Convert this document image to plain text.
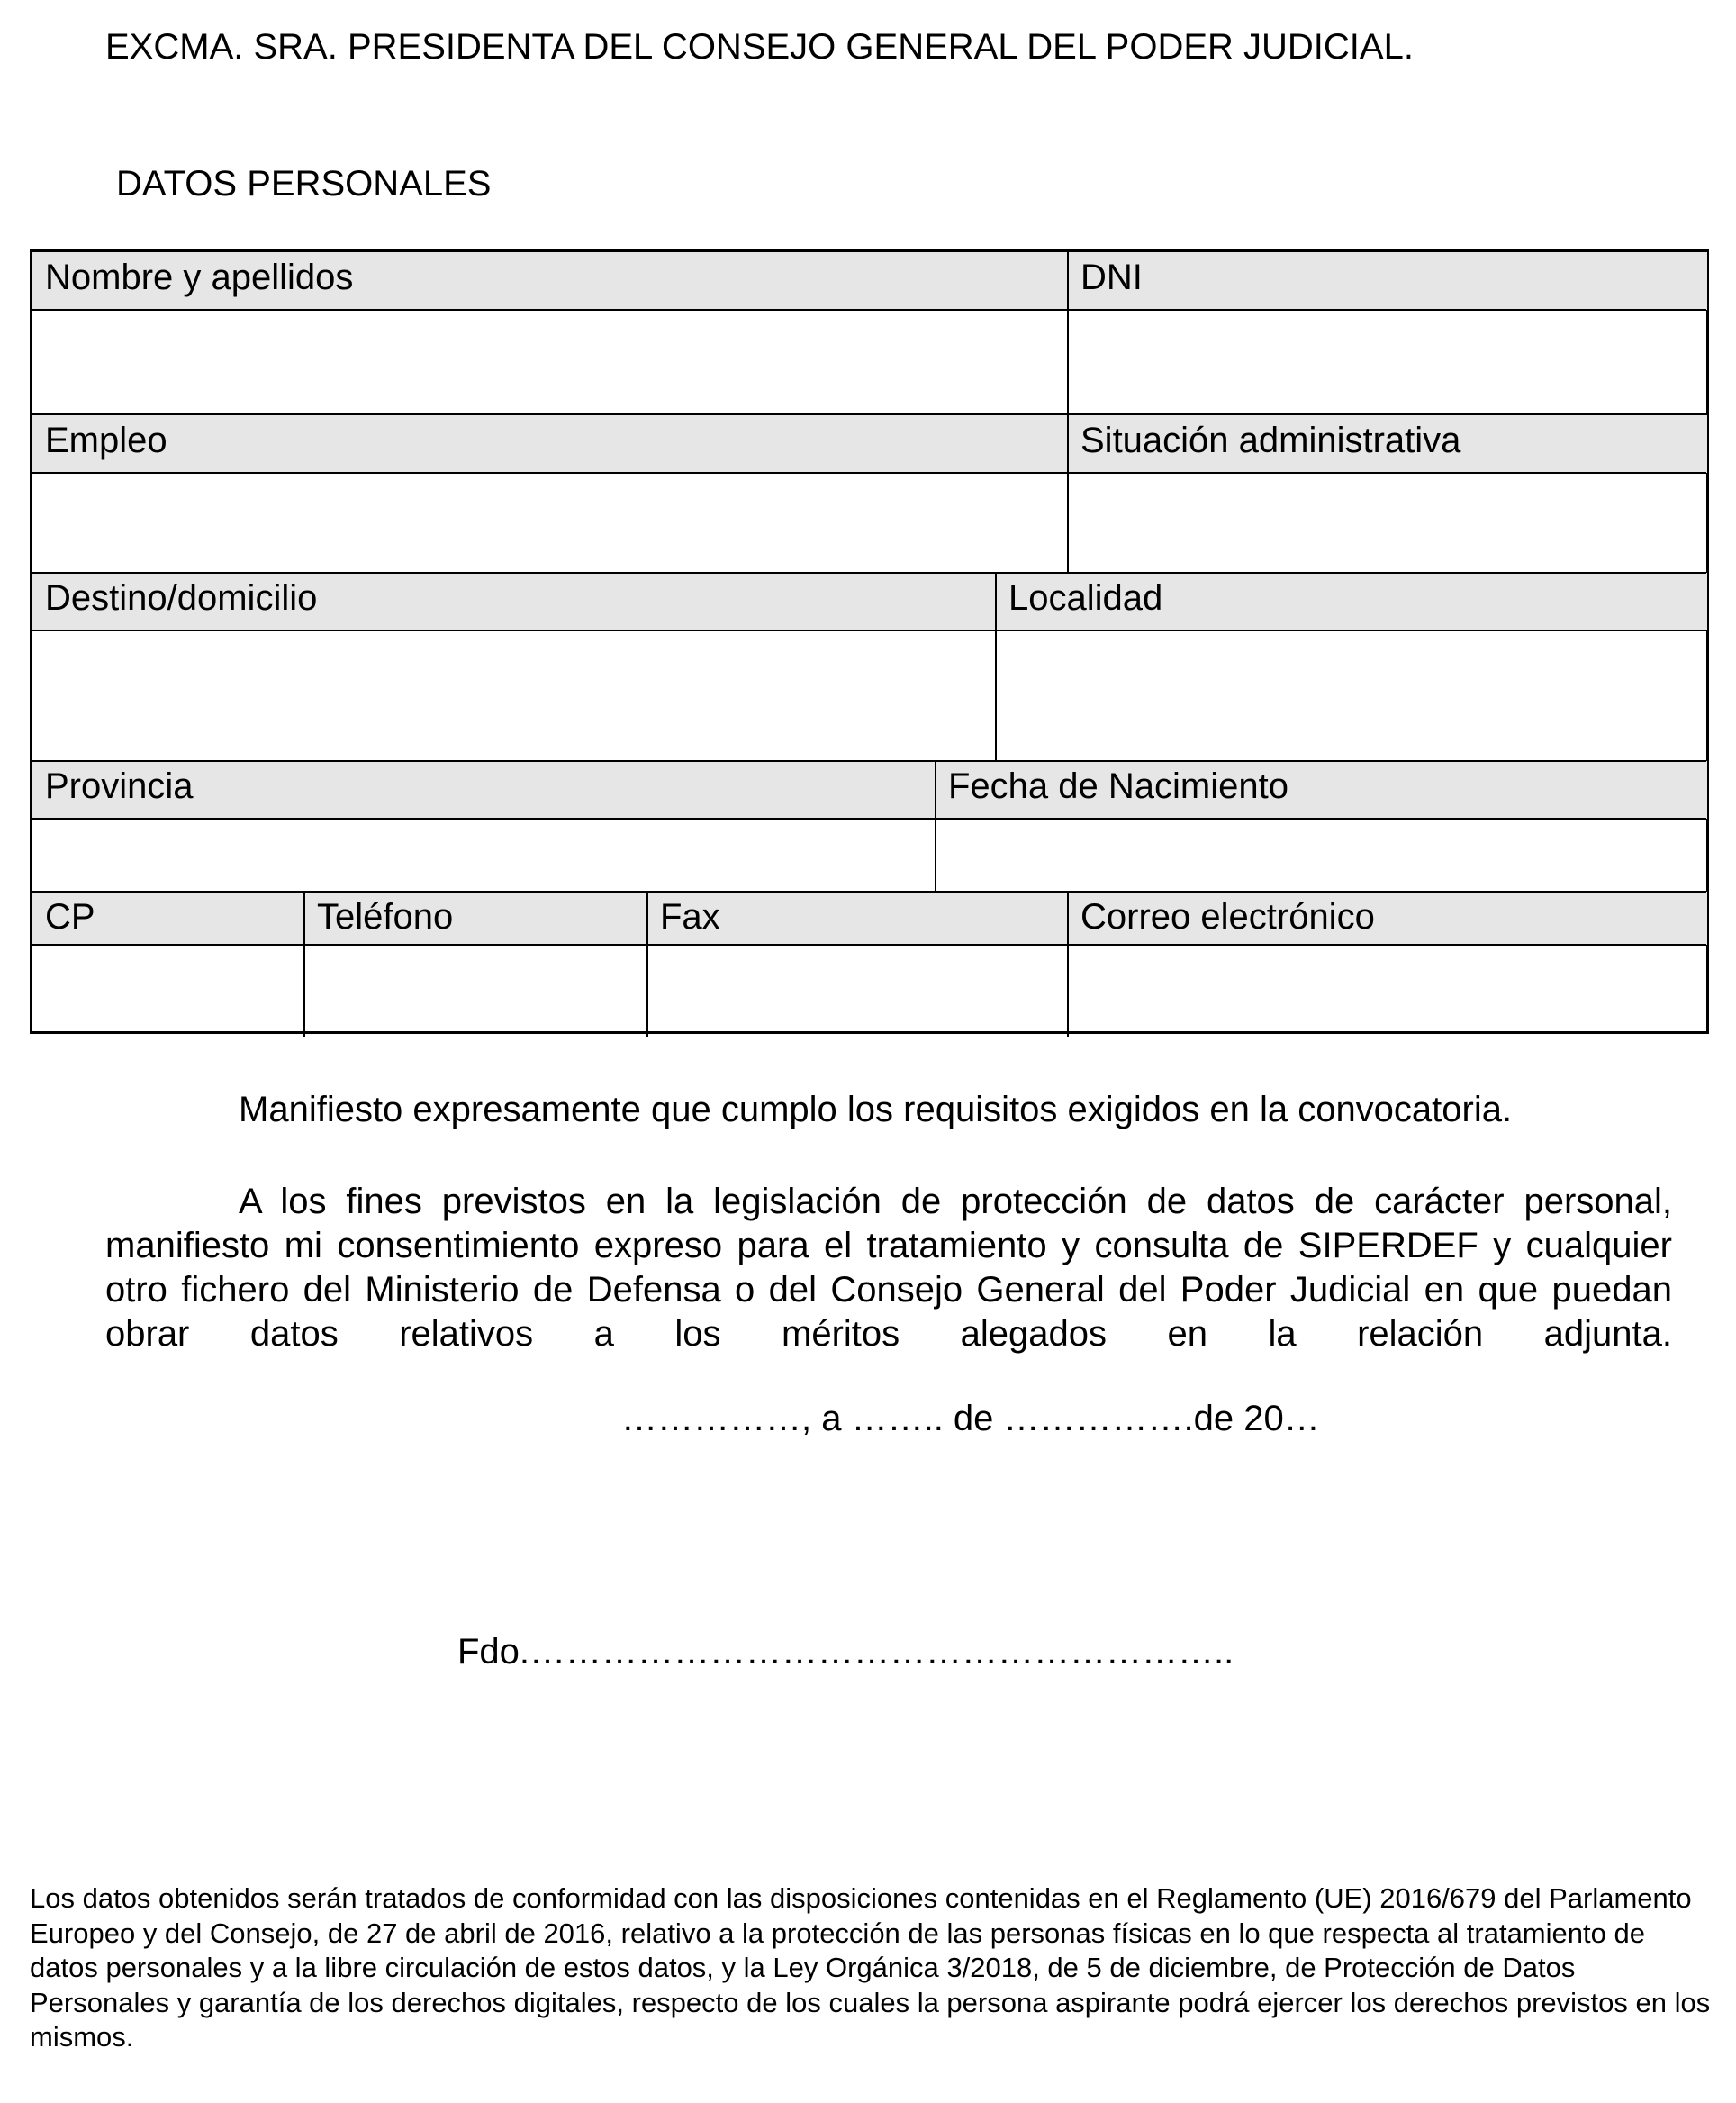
EXCMA. SRA. PRESIDENTA DEL CONSEJO GENERAL DEL PODER JUDICIAL.

DATOS PERSONALES

Nombre y apellidos	DNI
Empleo	Situación administrativa
Destino/domicilio	Localidad
Provincia	Fecha de Nacimiento
CP	Teléfono	Fax	Correo electrónico

Manifiesto expresamente que cumplo los requisitos exigidos en la convocatoria.

A los fines previstos en la legislación de protección de datos de carácter personal, manifiesto mi consentimiento expreso para el tratamiento y consulta de SIPERDEF y cualquier otro fichero del Ministerio de Defensa o del Consejo General del Poder Judicial en que puedan obrar datos relativos a los méritos alegados en la relación adjunta.

……………, a …….. de …………….de 20…

Fdo.…………………………………………………..

Los datos obtenidos serán tratados de conformidad con las disposiciones contenidas en el Reglamento (UE) 2016/679 del Parlamento Europeo y del Consejo, de 27 de abril de 2016, relativo a la protección de las personas físicas en lo que respecta al tratamiento de datos personales y a la libre circulación de estos datos, y la Ley Orgánica 3/2018, de 5 de diciembre, de Protección de Datos Personales y garantía de los derechos digitales, respecto de los cuales la persona aspirante podrá ejercer los derechos previstos en los mismos.
